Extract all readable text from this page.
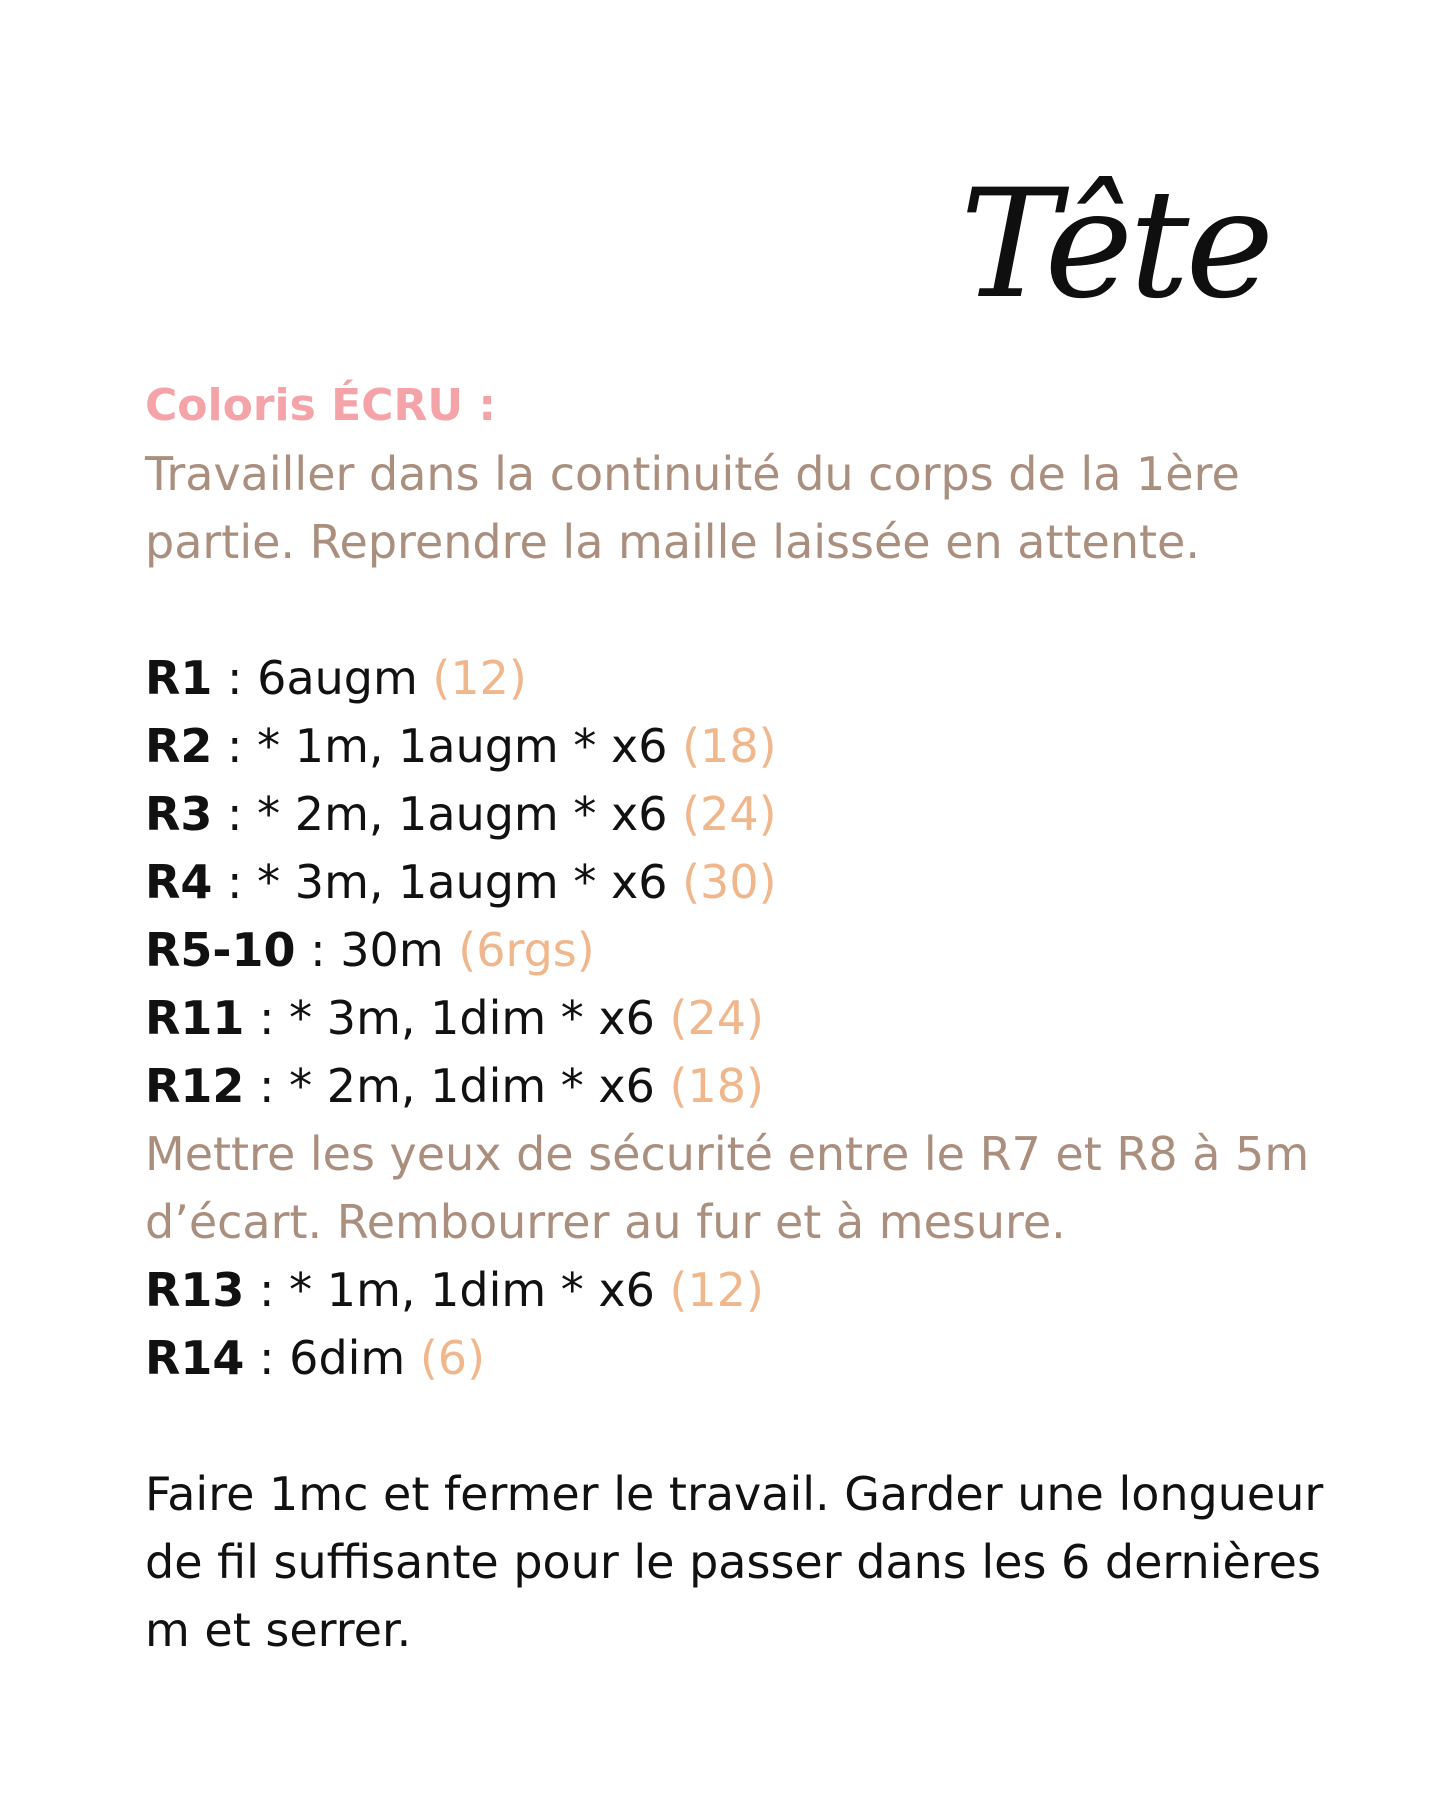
Tête

Coloris ÉCRU :

Travailler dans la continuité du corps de la 1ère partie. Reprendre la maille laissée en attente.

R1 : 6augm (12)
R2 : * 1m, 1augm * x6 (18)
R3 : * 2m, 1augm * x6 (24)
R4 : * 3m, 1augm * x6 (30)
R5-10 : 30m (6rgs)
R11 : * 3m, 1dim * x6 (24)
R12 : * 2m, 1dim * x6 (18)

Mettre les yeux de sécurité entre le R7 et R8 à 5m d’écart. Rembourrer au fur et à mesure.

R13 : * 1m, 1dim * x6 (12)
R14 : 6dim (6)

Faire 1mc et fermer le travail. Garder une longueur de fil suffisante pour le passer dans les 6 dernières m et serrer.
